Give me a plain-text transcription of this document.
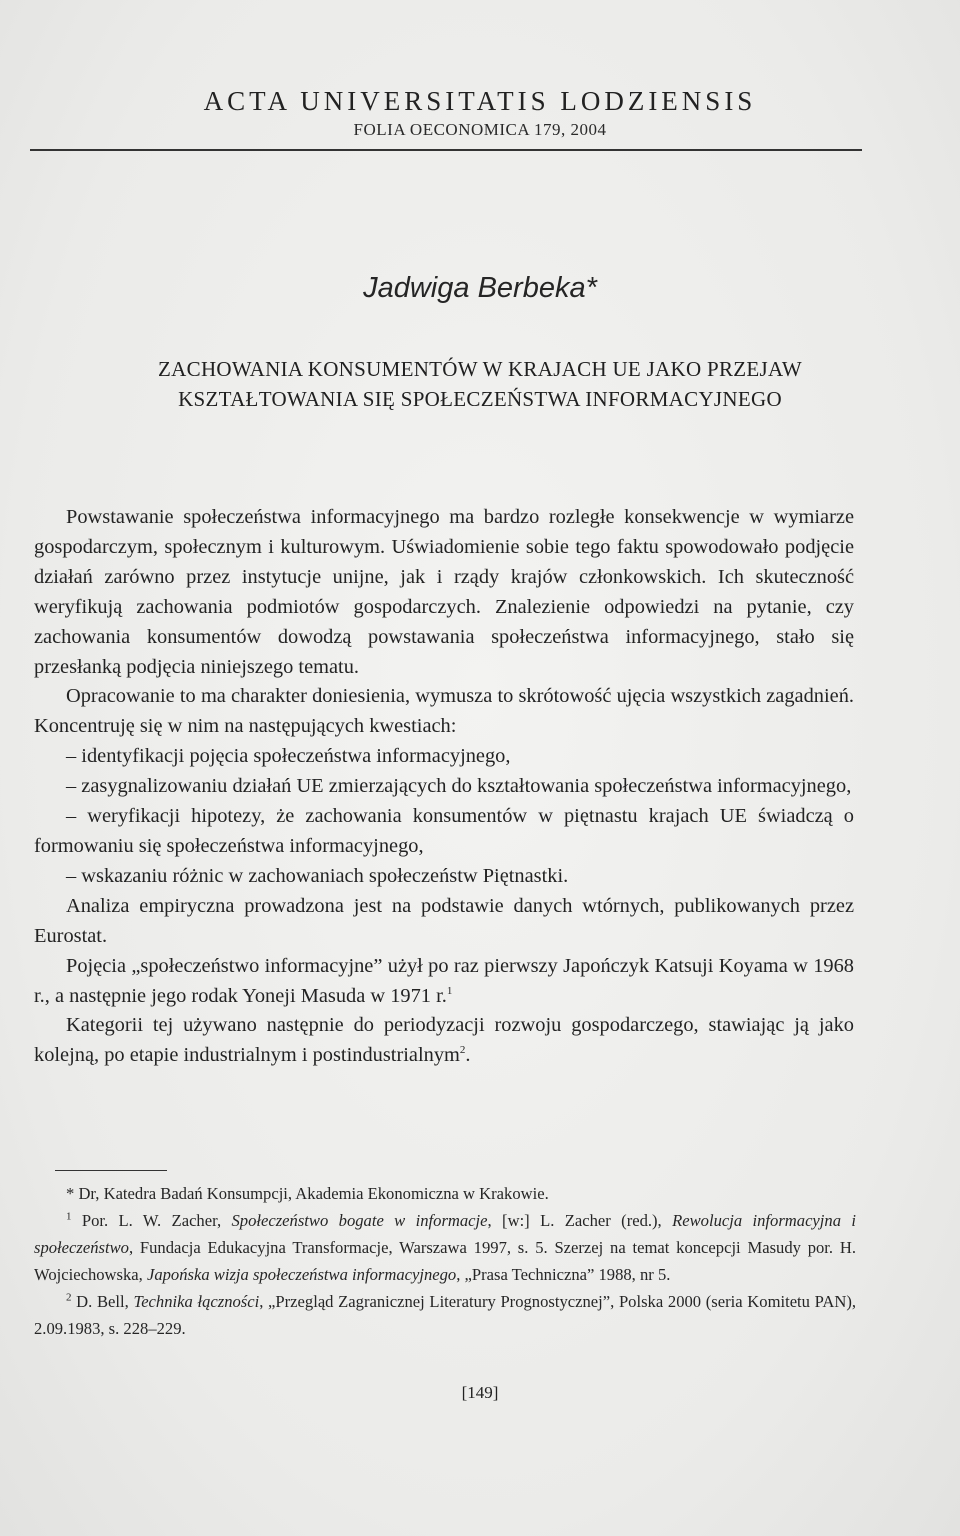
ACTA UNIVERSITATIS LODZIENSIS
FOLIA OECONOMICA 179, 2004
Jadwiga Berbeka*
ZACHOWANIA KONSUMENTÓW W KRAJACH UE JAKO PRZEJAW
KSZTAŁTOWANIA SIĘ SPOŁECZEŃSTWA INFORMACYJNEGO

Powstawanie społeczeństwa informacyjnego ma bardzo rozległe konsekwencje w wymiarze gospodarczym, społecznym i kulturowym. Uświadomienie sobie tego faktu spowodowało podjęcie działań zarówno przez instytucje unijne, jak i rządy krajów członkowskich. Ich skuteczność weryfikują zachowania podmiotów gospodarczych. Znalezienie odpowiedzi na pytanie, czy zachowania konsumentów dowodzą powstawania społeczeństwa informacyjnego, stało się przesłanką podjęcia niniejszego tematu.

Opracowanie to ma charakter doniesienia, wymusza to skrótowość ujęcia wszystkich zagadnień. Koncentruję się w nim na następujących kwestiach:

– identyfikacji pojęcia społeczeństwa informacyjnego,

– zasygnalizowaniu działań UE zmierzających do kształtowania społeczeństwa informacyjnego,

– weryfikacji hipotezy, że zachowania konsumentów w piętnastu krajach UE świadczą o formowaniu się społeczeństwa informacyjnego,

– wskazaniu różnic w zachowaniach społeczeństw Piętnastki.

Analiza empiryczna prowadzona jest na podstawie danych wtórnych, publikowanych przez Eurostat.

Pojęcia „społeczeństwo informacyjne” użył po raz pierwszy Japończyk Katsuji Koyama w 1968 r., a następnie jego rodak Yoneji Masuda w 1971 r.$^1$

Kategorii tej używano następnie do periodyzacji rozwoju gospodarczego, stawiając ją jako kolejną, po etapie industrialnym i postindustrialnym$^2$.

* Dr, Katedra Badań Konsumpcji, Akademia Ekonomiczna w Krakowie.

$^1$ Por. L. W. Zacher, Społeczeństwo bogate w informacje, [w:] L. Zacher (red.), Rewolucja informacyjna i społeczeństwo, Fundacja Edukacyjna Transformacje, Warszawa 1997, s. 5. Szerzej na temat koncepcji Masudy por. H. Wojciechowska, Japońska wizja społeczeństwa informacyjnego, „Prasa Techniczna” 1988, nr 5.

$^2$ D. Bell, Technika łączności, „Przegląd Zagranicznej Literatury Prognostycznej”, Polska 2000 (seria Komitetu PAN), 2.09.1983, s. 228–229.

[149]
